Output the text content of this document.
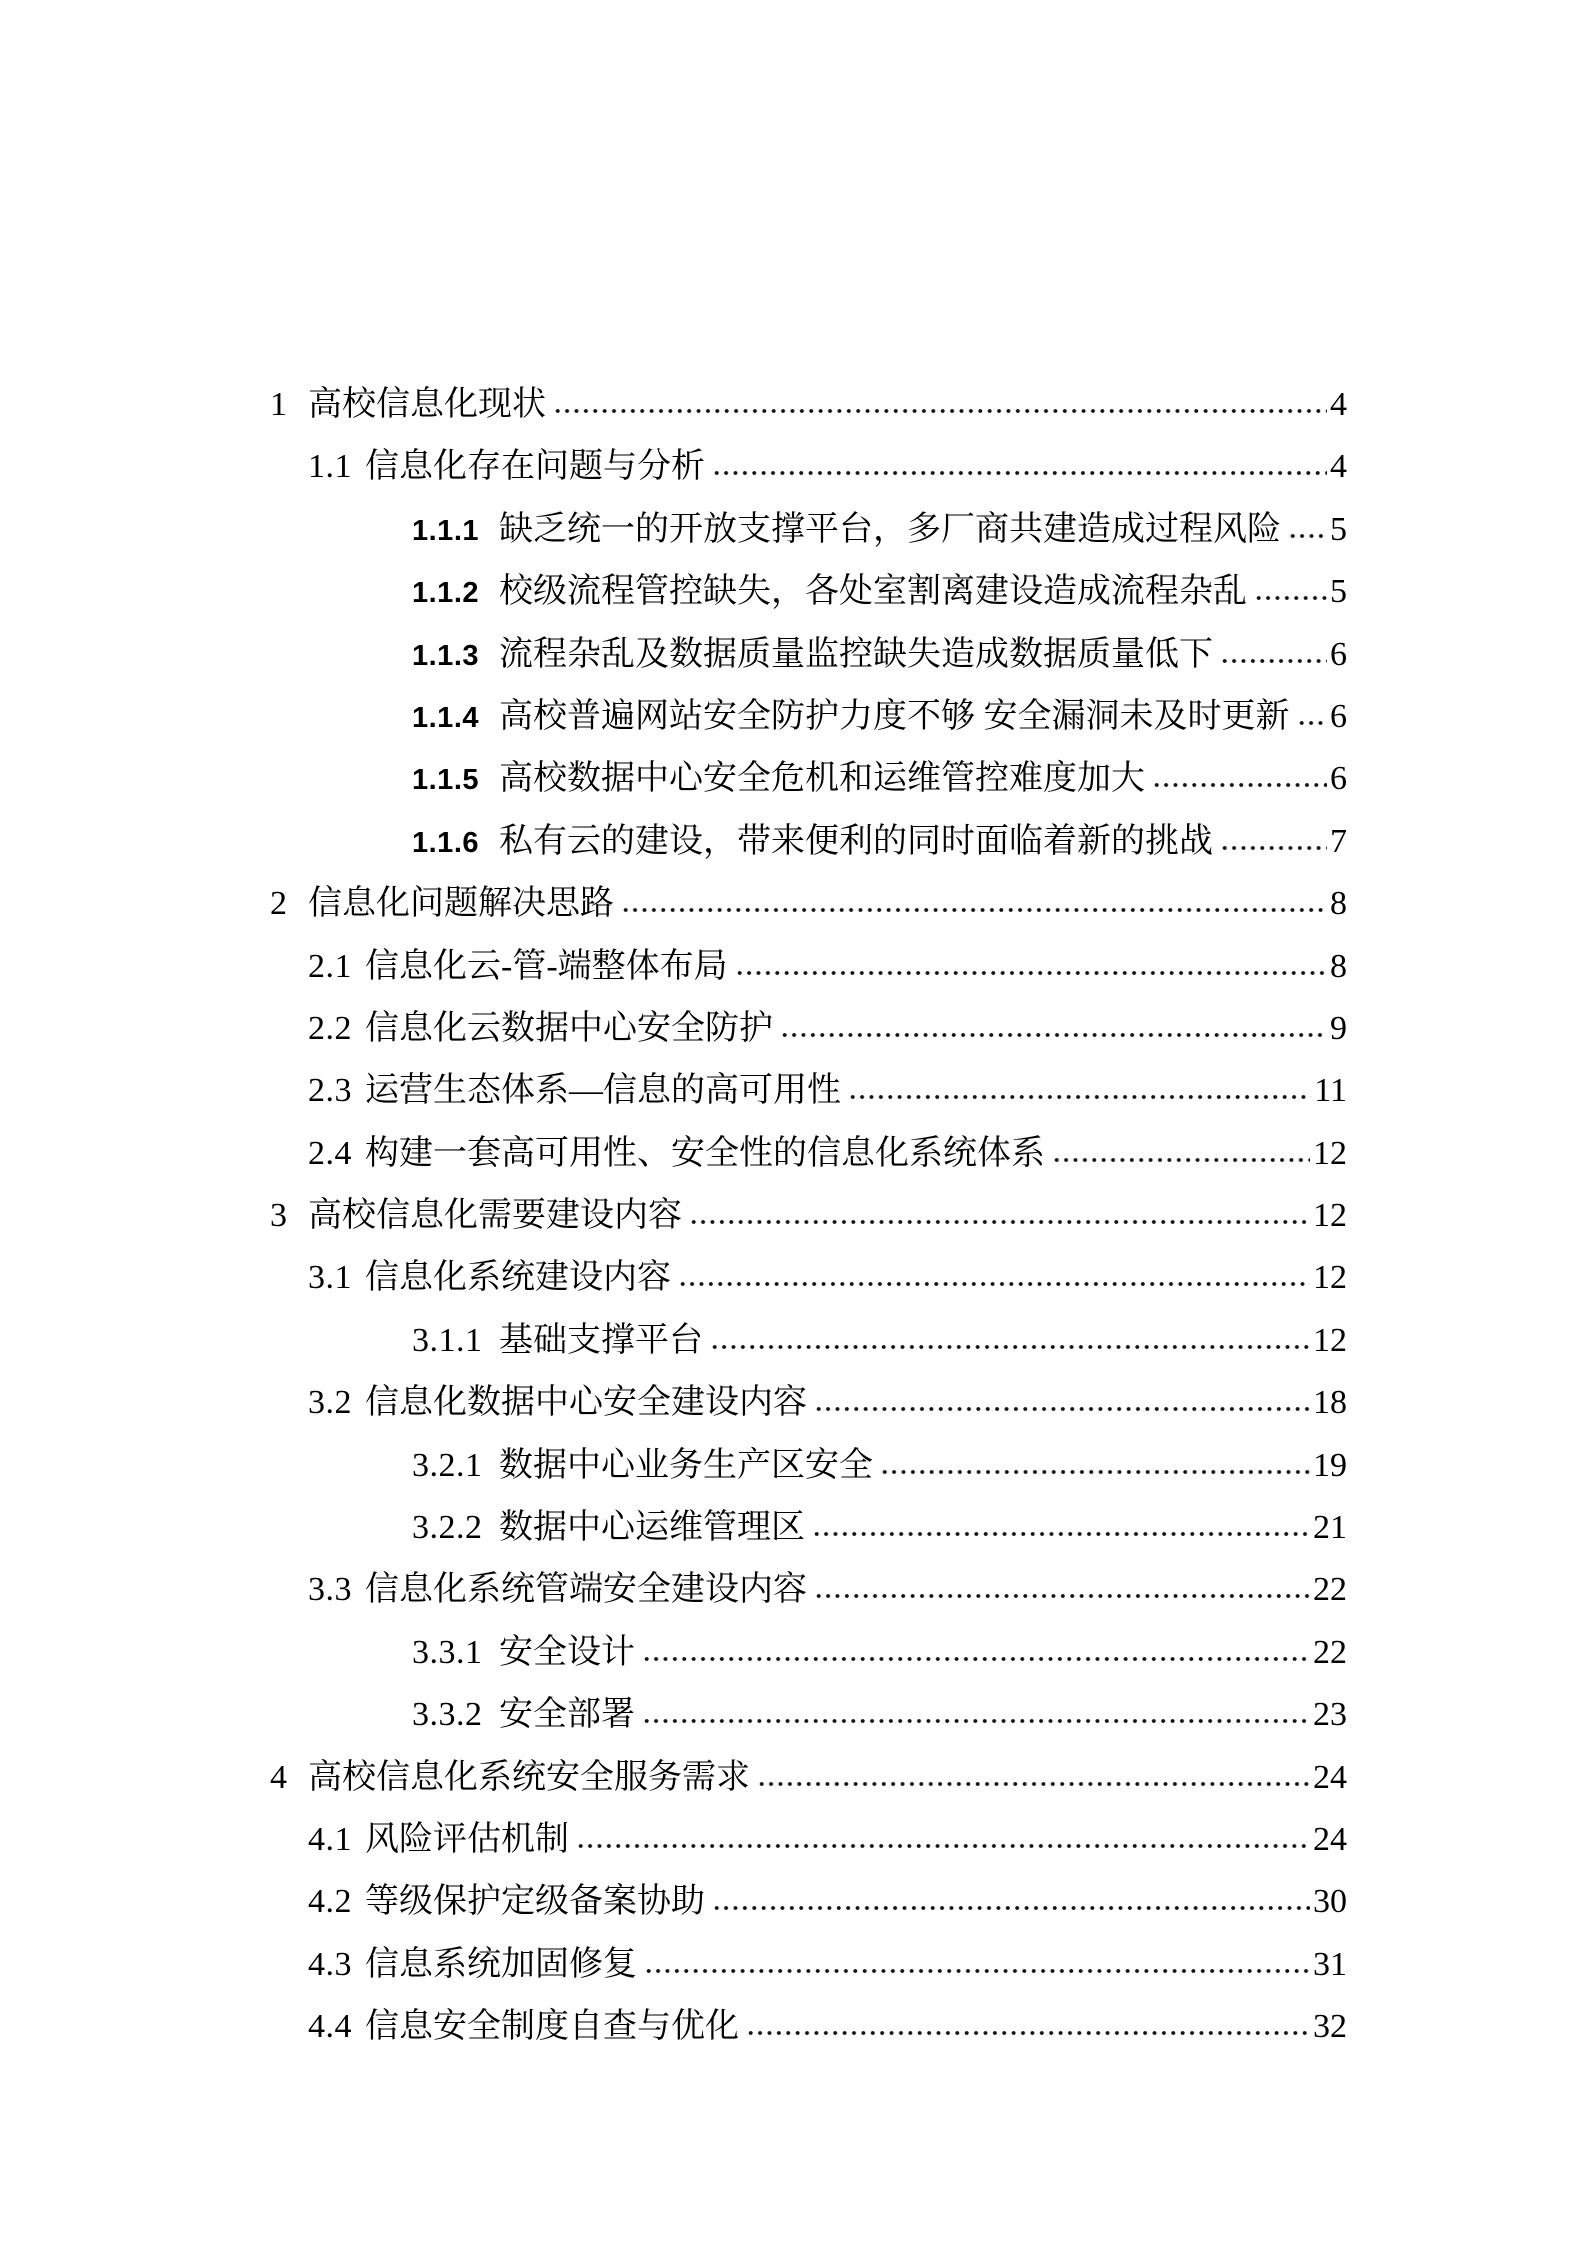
1 高校信息化现状	4
1.1 信息化存在问题与分析	4
1.1.1 缺乏统一的开放支撑平台，多厂商共建造成过程风险 5
1.1.2 校级流程管控缺失，各处室割离建设造成流程杂乱 5
1.1.3 流程杂乱及数据质量监控缺失造成数据质量低下	6
1.1.4 高校普遍网站安全防护力度不够 安全漏洞未及时更新 6
1.1.5 高校数据中心安全危机和运维管控难度加大	6
1.1.6 私有云的建设，带来便利的同时面临着新的挑战	7
2 信息化问题解决思路	8
2.1 信息化云-管-端整体布局	8
2.2 信息化云数据中心安全防护	9
2.3 运营生态体系—信息的高可用性	11
2.4 构建一套高可用性、安全性的信息化系统体系	12
3 高校信息化需要建设内容	12
3.1 信息化系统建设内容	12
3.1.1 基础支撑平台	12
3.2 信息化数据中心安全建设内容	18
3.2.1 数据中心业务生产区安全	19
3.2.2 数据中心运维管理区	21
3.3 信息化系统管端安全建设内容	22
3.3.1 安全设计	22
3.3.2 安全部署	23
4 高校信息化系统安全服务需求	24
4.1 风险评估机制	24
4.2 等级保护定级备案协助	30
4.3 信息系统加固修复	31
4.4 信息安全制度自查与优化	32
